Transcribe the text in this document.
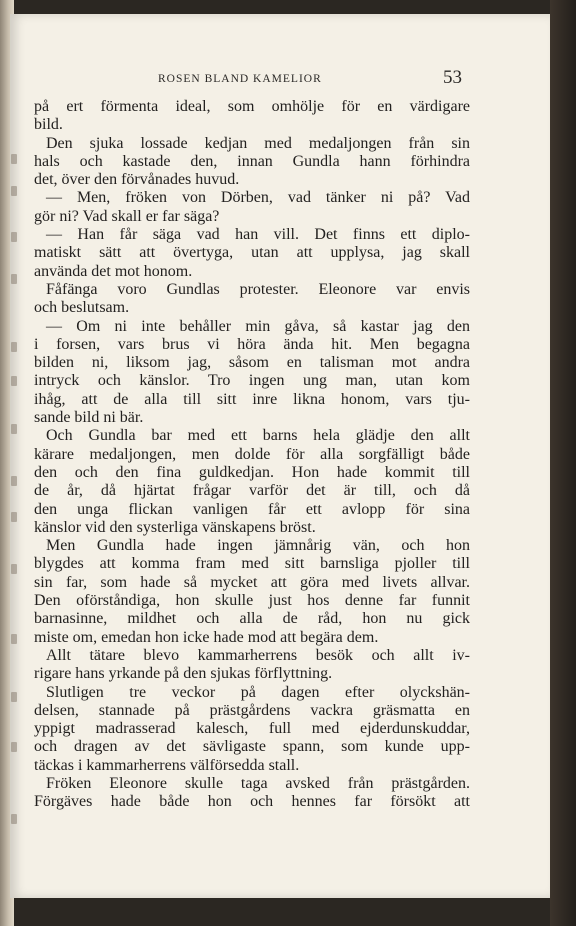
ROSEN BLAND KAMELIOR	53
på ert förmenta ideal, som omhölje för en värdigare
bild.
Den sjuka lossade kedjan med medaljongen från sin
hals och kastade den, innan Gundla hann förhindra
det, över den förvånades huvud.
— Men, fröken von Dörben, vad tänker ni på? Vad
gör ni? Vad skall er far säga?
— Han får säga vad han vill. Det finns ett diplo-
matiskt sätt att övertyga, utan att upplysa, jag skall
använda det mot honom.
Fåfänga voro Gundlas protester. Eleonore var envis
och beslutsam.
— Om ni inte behåller min gåva, så kastar jag den
i forsen, vars brus vi höra ända hit. Men begagna
bilden ni, liksom jag, såsom en talisman mot andra
intryck och känslor. Tro ingen ung man, utan kom
ihåg, att de alla till sitt inre likna honom, vars tju-
sande bild ni bär.
Och Gundla bar med ett barns hela glädje den allt
kärare medaljongen, men dolde för alla sorgfälligt både
den och den fina guldkedjan. Hon hade kommit till
de år, då hjärtat frågar varför det är till, och då
den unga flickan vanligen får ett avlopp för sina
känslor vid den systerliga vänskapens bröst.
Men Gundla hade ingen jämnårig vän, och hon
blygdes att komma fram med sitt barnsliga pjoller till
sin far, som hade så mycket att göra med livets allvar.
Den oförståndiga, hon skulle just hos denne far funnit
barnasinne, mildhet och alla de råd, hon nu gick
miste om, emedan hon icke hade mod att begära dem.
Allt tätare blevo kammarherrens besök och allt iv-
rigare hans yrkande på den sjukas förflyttning.
Slutligen tre veckor på dagen efter olyckshän-
delsen, stannade på prästgårdens vackra gräsmatta en
yppigt madrasserad kalesch, full med ejderdunskuddar,
och dragen av det sävligaste spann, som kunde upp-
täckas i kammarherrens välförsedda stall.
Fröken Eleonore skulle taga avsked från prästgården.
Förgäves hade både hon och hennes far försökt att
